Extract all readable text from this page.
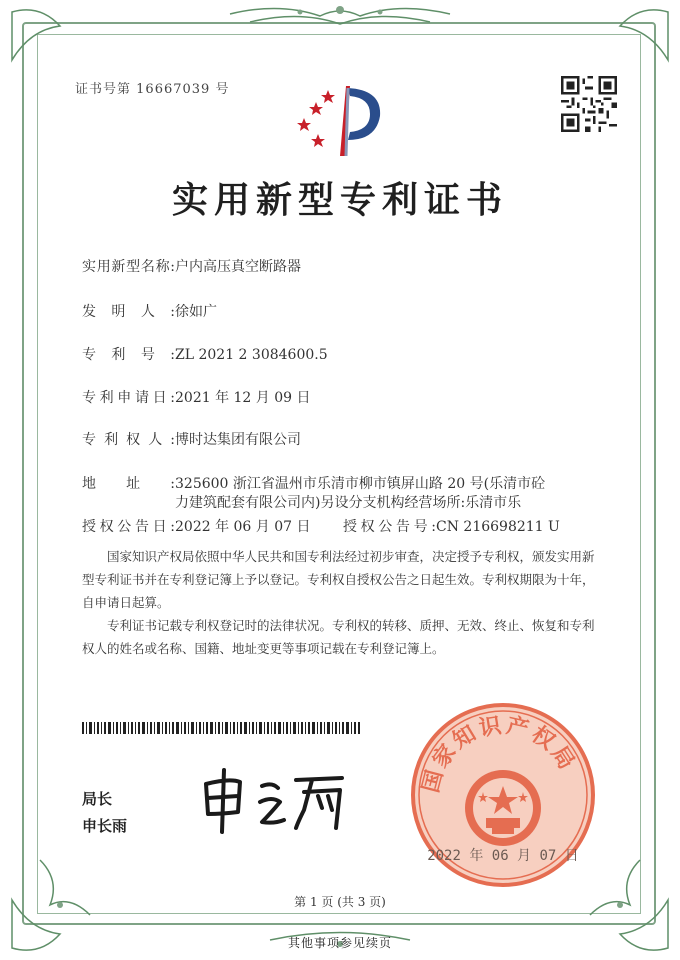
证书号第 16667039 号
实用新型专利证书
实用新型名称:户内高压真空断路器
发明人:徐如广
专利号:ZL 2021 2 3084600.5
专利申请日:2021 年 12 月 09 日
专利权人:博时达集团有限公司
地址:325600 浙江省温州市乐清市柳市镇屏山路 20 号(乐清市砼
力建筑配套有限公司内)另设分支机构经营场所:乐清市乐
授权公告日:2022 年 06 月 07 日 授权公告号:CN 216698211 U
国家知识产权局依照中华人民共和国专利法经过初步审查，决定授予专利权，颁发实用新型专利证书并在专利登记簿上予以登记。专利权自授权公告之日起生效。专利权期限为十年，自申请日起算。
专利证书记载专利权登记时的法律状况。专利权的转移、质押、无效、终止、恢复和专利权人的姓名或名称、国籍、地址变更等事项记载在专利登记簿上。
局长
申长雨
国家知识产权局
2022 年 06 月 07 日
第 1 页 (共 3 页)
其他事项参见续页
